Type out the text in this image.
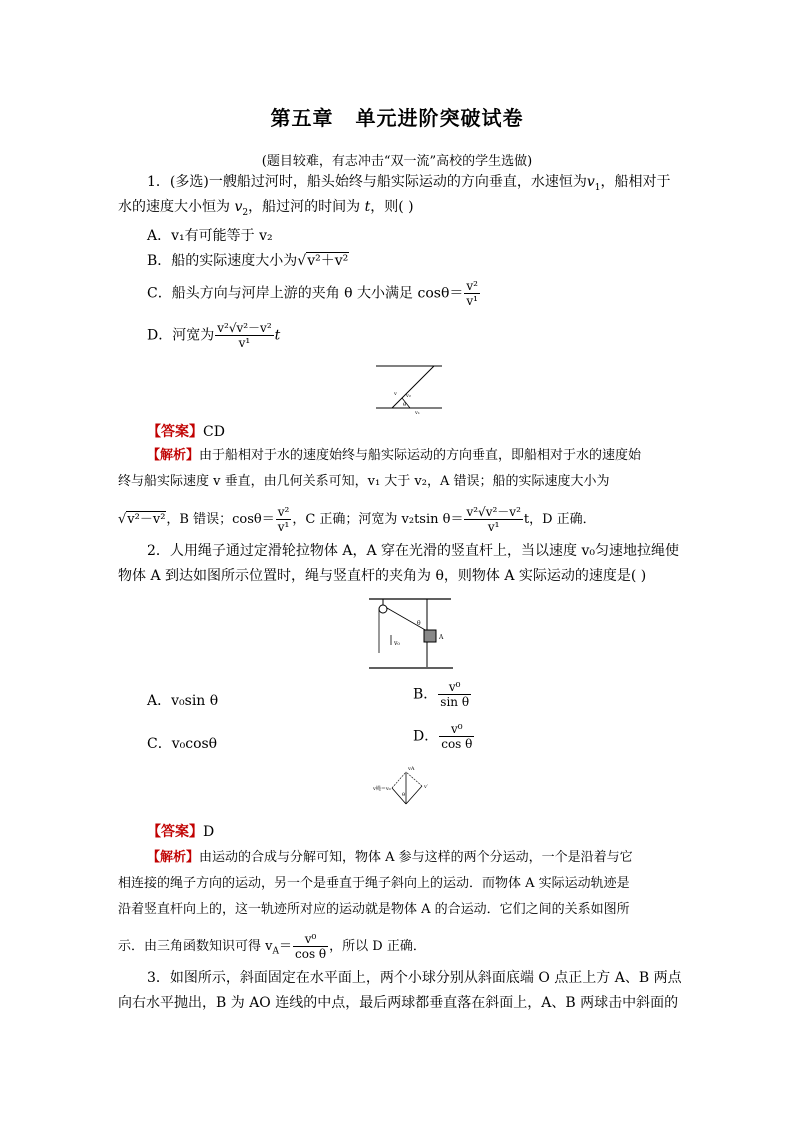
第五章 单元进阶突破试卷
(题目较难，有志冲击“双一流”高校的学生选做)
1．(多选)一艘船过河时，船头始终与船实际运动的方向垂直，水速恒为$v_1$，船相对于
水的速度大小恒为 $v_2$，船过河的时间为 t，则( )
A．v₁有可能等于 v₂
B．船的实际速度大小为√v²＋v²
C．船头方向与河岸上游的夹角 θ 大小满足 $\cos\theta= \frac{\text{v²}}{\text{v¹}}$
D．河宽为 $\frac{\text{v²√v²－v²}}{\text{v¹}}$ t
v v₂
θ
v₁
【答案】CD
【解析】由于船相对于水的速度始终与船实际运动的方向垂直，即船相对于水的速度始
终与船实际速度 v 垂直，由几何关系可知，v₁ 大于 v₂，A 错误；船的实际速度大小为
√v²－v²，B 错误；$\cos\theta= \frac{\text{v²}}{\text{v¹}}$ ，C 正确；河宽为 v₂tsin $\theta= \frac{\text{v²√v²－v²}}{\text{v¹}}$ t，D 正确．
2．人用绳子通过定滑轮拉物体 A，A 穿在光滑的竖直杆上，当以速度 v₀匀速地拉绳使
物体 A 到达如图所示位置时，绳与竖直杆的夹角为 θ，则物体 A 实际运动的速度是( )
θ
A
v₀
A．v₀sin θ	B． $\frac{\text{v⁰}}{\text{sin θ}}$
C．v₀cosθ	D． $\frac{\text{v⁰}}{\text{cos θ}}$
vA
v绳＝v₀
θ
v′
【答案】D
【解析】由运动的合成与分解可知，物体 A 参与这样的两个分运动，一个是沿着与它
相连接的绳子方向的运动，另一个是垂直于绳子斜向上的运动．而物体 A 实际运动轨迹是
沿着竖直杆向上的，这一轨迹所对应的运动就是物体 A 的合运动．它们之间的关系如图所
示．由三角函数知识可得 $v_A= \frac{\text{v⁰}}{\text{cos θ}}$ ，所以 D 正确．
3．如图所示，斜面固定在水平面上，两个小球分别从斜面底端 O 点正上方 A、B 两点
向右水平抛出，B 为 AO 连线的中点，最后两球都垂直落在斜面上，A、B 两球击中斜面的
